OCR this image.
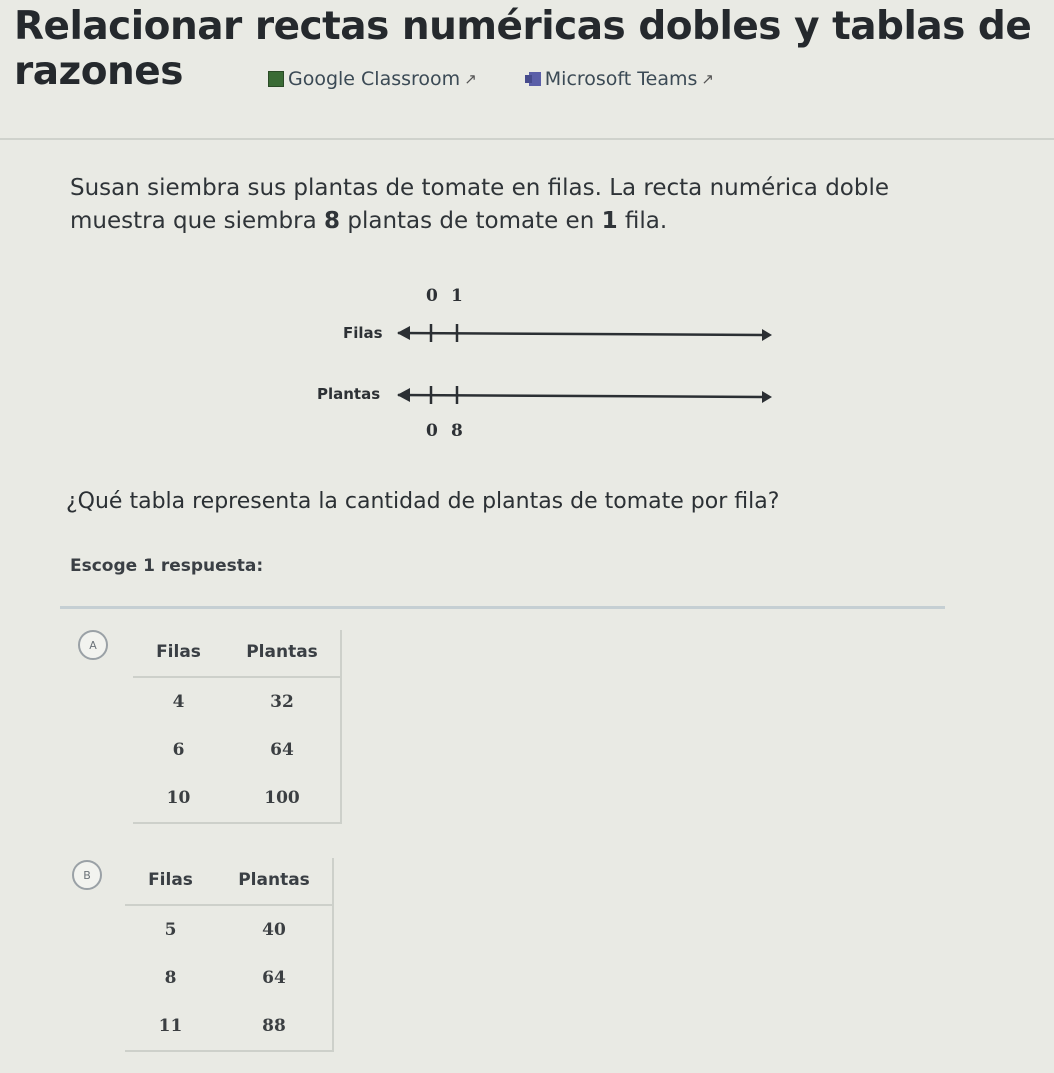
Relacionar rectas numéricas dobles y tablas de razones	Google Classroom ↗	Microsoft Teams ↗
Susan siembra sus plantas de tomate en filas. La recta numérica doble muestra que siembra 8 plantas de tomate en 1 fila.
0 1
Filas
Plantas
0 8
¿Qué tabla representa la cantidad de plantas de tomate por fila?
Escoge 1 respuesta:
A	Filas	Plantas
4	32
6	64
10	100
B	Filas	Plantas
5	40
8	64
11	88
